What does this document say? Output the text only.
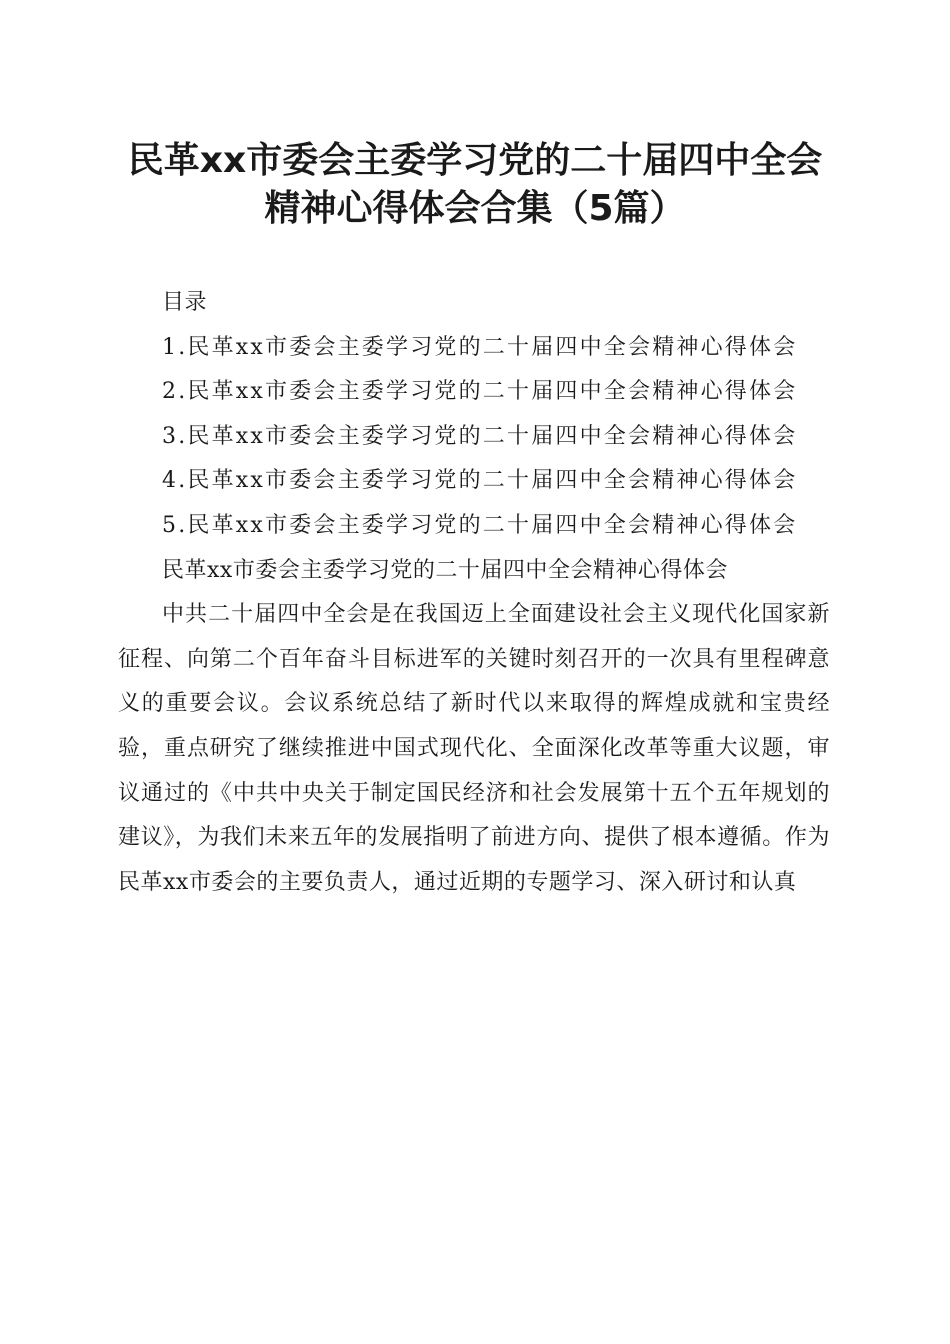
民革xx市委会主委学习党的二十届四中全会
精神心得体会合集（5篇）

目录

1.民革xx市委会主委学习党的二十届四中全会精神心得体会

2.民革xx市委会主委学习党的二十届四中全会精神心得体会

3.民革xx市委会主委学习党的二十届四中全会精神心得体会

4.民革xx市委会主委学习党的二十届四中全会精神心得体会

5.民革xx市委会主委学习党的二十届四中全会精神心得体会

民革xx市委会主委学习党的二十届四中全会精神心得体会

中共二十届四中全会是在我国迈上全面建设社会主义现代化国家新征程、向第二个百年奋斗目标进军的关键时刻召开的一次具有里程碑意义的重要会议。会议系统总结了新时代以来取得的辉煌成就和宝贵经验，重点研究了继续推进中国式现代化、全面深化改革等重大议题，审议通过的《中共中央关于制定国民经济和社会发展第十五个五年规划的建议》，为我们未来五年的发展指明了前进方向、提供了根本遵循。作为民革xx市委会的主要负责人，通过近期的专题学习、深入研讨和认真
